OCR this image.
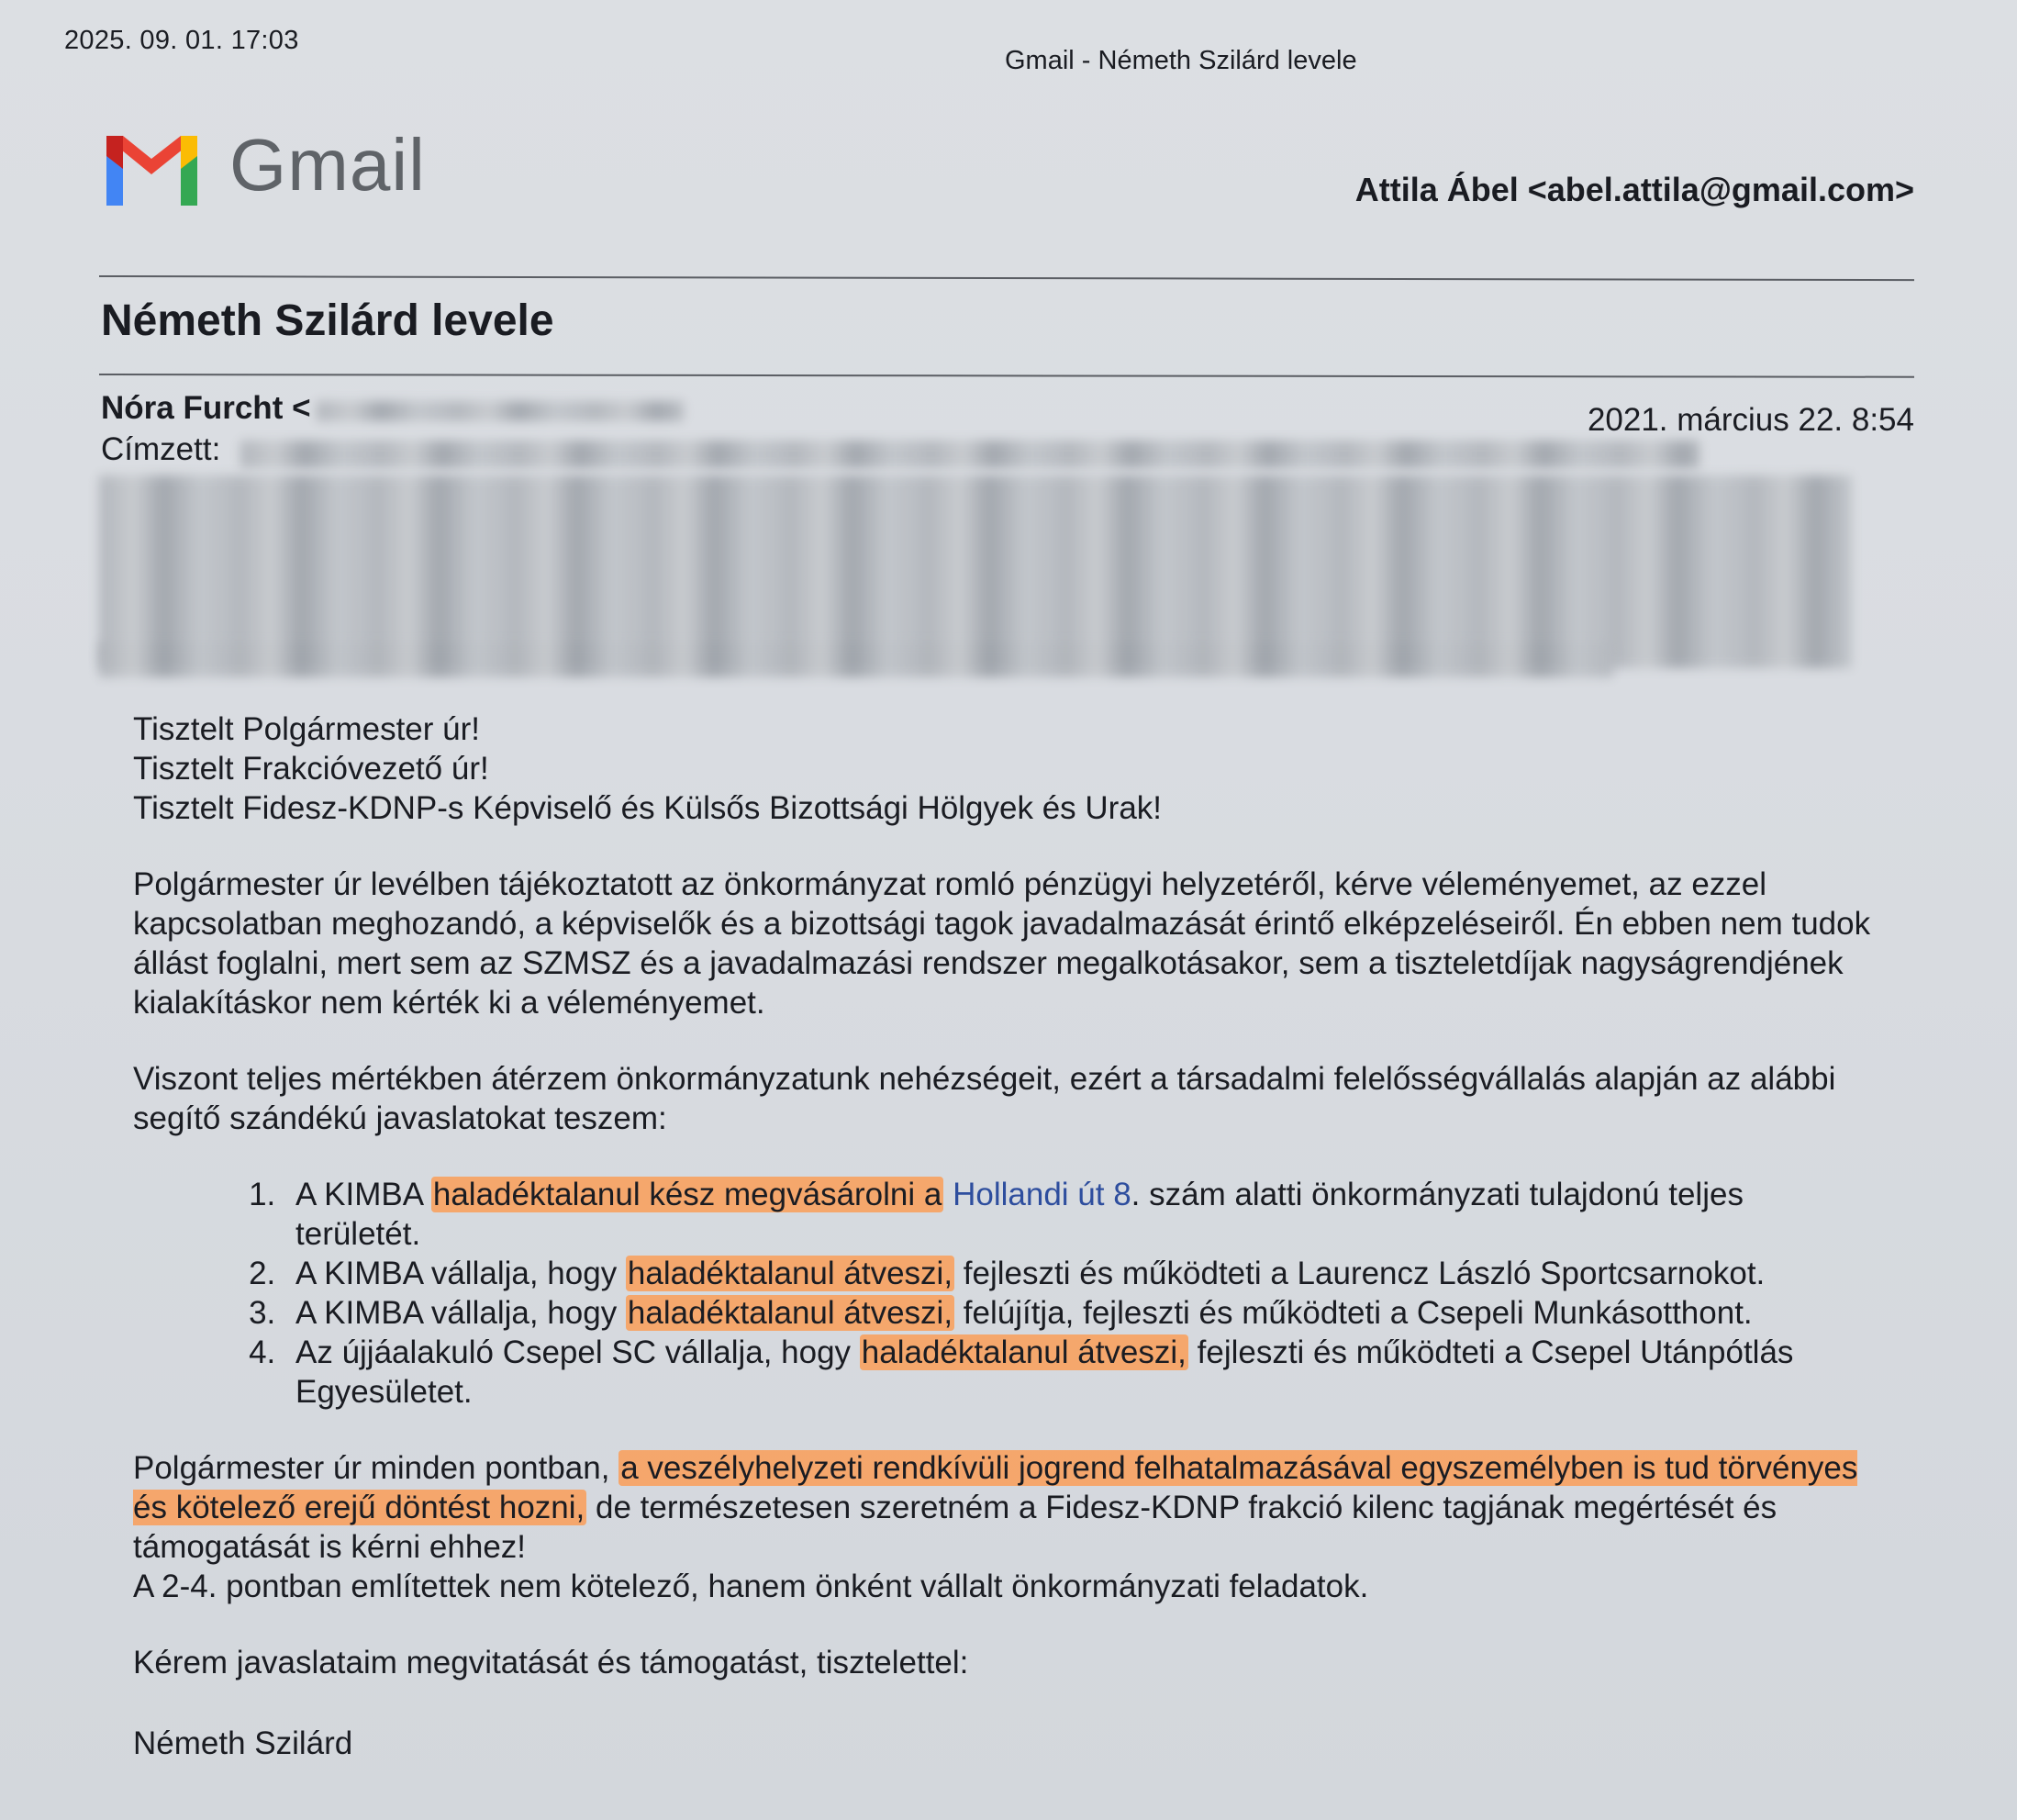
2025. 09. 01. 17:03
Gmail - Németh Szilárd levele
Gmail	Attila Ábel <abel.attila@gmail.com>
Németh Szilárd levele
Nóra Furcht <
Címzett:
2021. március 22. 8:54

Tisztelt Polgármester úr!

Tisztelt Frakcióvezető úr!

Tisztelt Fidesz-KDNP-s Képviselő és Külsős Bizottsági Hölgyek és Urak!

Polgármester úr levélben tájékoztatott az önkormányzat romló pénzügyi helyzetéről, kérve véleményemet, az ezzel kapcsolatban meghozandó, a képviselők és a bizottsági tagok javadalmazását érintő elképzeléseiről. Én ebben nem tudok állást foglalni, mert sem az SZMSZ és a javadalmazási rendszer megalkotásakor, sem a tiszteletdíjak nagyságrendjének kialakításkor nem kérték ki a véleményemet.

Viszont teljes mértékben átérzem önkormányzatunk nehézségeit, ezért a társadalmi felelősségvállalás alapján az alábbi segítő szándékú javaslatokat teszem:

1. A KIMBA haladéktalanul kész megvásárolni a Hollandi út 8. szám alatti önkormányzati tulajdonú teljes területét.
2. A KIMBA vállalja, hogy haladéktalanul átveszi, fejleszti és működteti a Laurencz László Sportcsarnokot.
3. A KIMBA vállalja, hogy haladéktalanul átveszi, felújítja, fejleszti és működteti a Csepeli Munkásotthont.
4. Az újjáalakuló Csepel SC vállalja, hogy haladéktalanul átveszi, fejleszti és működteti a Csepel Utánpótlás Egyesületet.

Polgármester úr minden pontban, a veszélyhelyzeti rendkívüli jogrend felhatalmazásával egyszemélyben is tud törvényes és kötelező erejű döntést hozni, de természetesen szeretném a Fidesz-KDNP frakció kilenc tagjának megértését és támogatását is kérni ehhez!

A 2-4. pontban említettek nem kötelező, hanem önként vállalt önkormányzati feladatok.

Kérem javaslataim megvitatását és támogatást, tisztelettel:

Németh Szilárd
